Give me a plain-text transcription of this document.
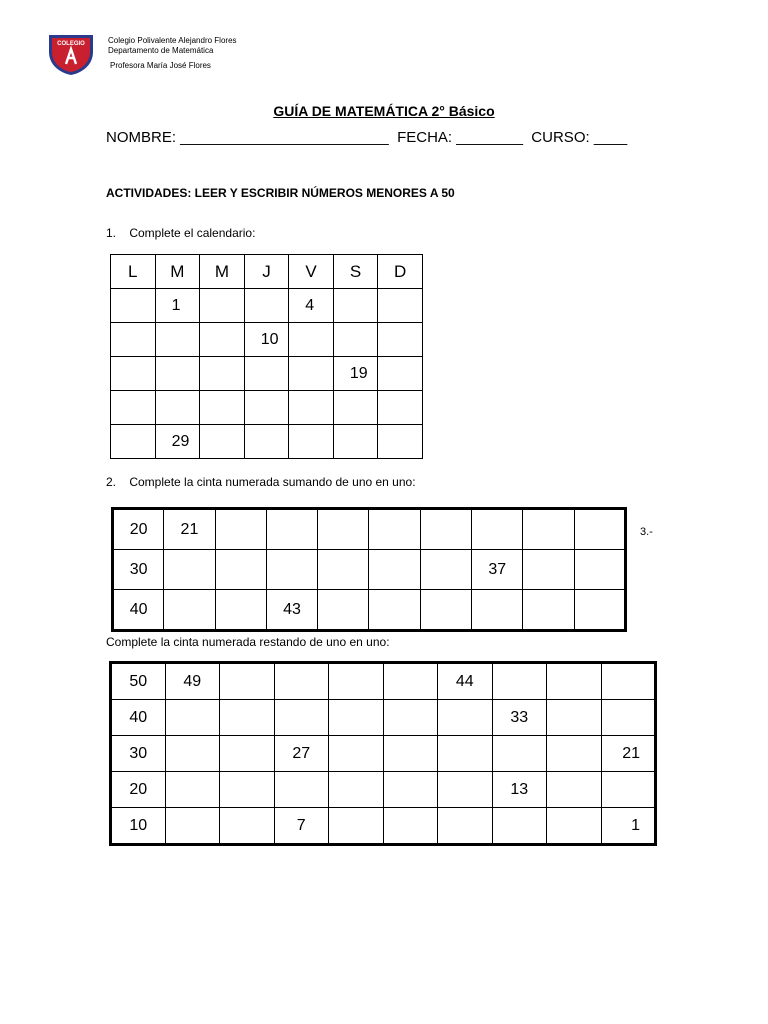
COLEGIO	Colegio Polivalente Alejandro Flores
Departamento de Matemática
Profesora María José Flores
GUÍA DE MATEMÁTICA 2° Básico
NOMBRE: _________________________  FECHA: ________  CURSO: ____
ACTIVIDADES: LEER Y ESCRIBIR NÚMEROS MENORES A 50
1.    Complete el calendario:
L	M	M	J	V	S	D
	1			4		
			10			
					19	

	29					
2.    Complete la cinta numerada sumando de uno en uno:
20	21								
30							37		
40			43						
3.-
Complete la cinta numerada restando de uno en uno:
50	49					44			
40							33		
30			27						21
20							13		
10			7						1
